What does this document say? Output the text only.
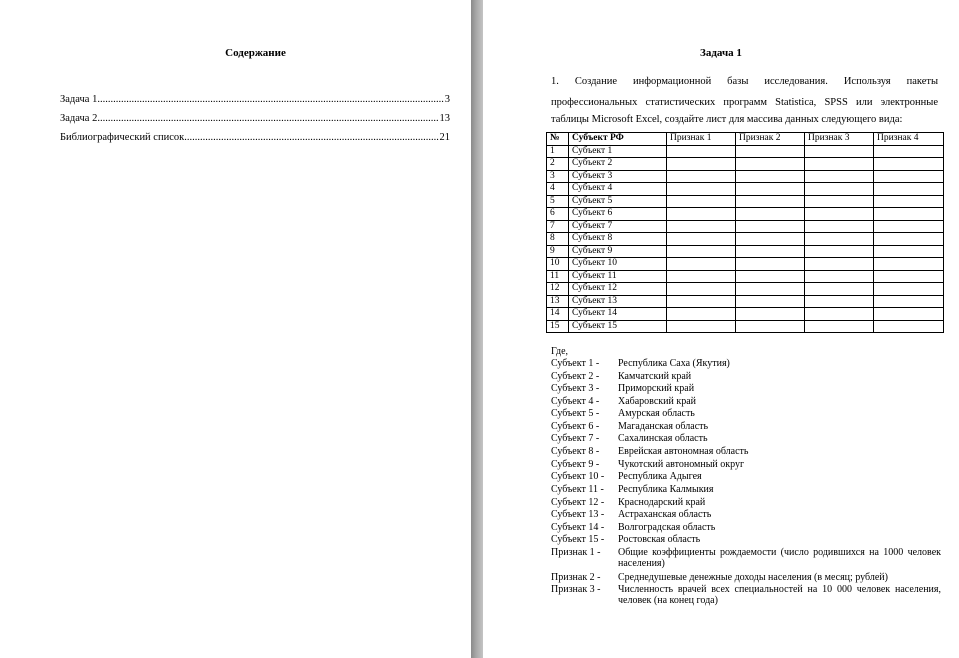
Содержание
Задача 1 .....	3
Задача 2 .....	13
Библиографический список .....	21
Задача 1
1. Создание информационной базы исследования. Используя пакеты
профессиональных статистических программ Statistica, SPSS или электронные
таблицы Microsoft Excel, создайте лист для массива данных следующего вида:
№	Субъект РФ	Признак 1	Признак 2	Признак 3	Признак 4
1	Субъект 1				
2	Субъект 2				
3	Субъект 3				
4	Субъект 4				
5	Субъект 5				
6	Субъект 6				
7	Субъект 7				
8	Субъект 8				
9	Субъект 9				
10	Субъект 10				
11	Субъект 11				
12	Субъект 12				
13	Субъект 13				
14	Субъект 14				
15	Субъект 15				
Где,
Субъект 1 - Республика Саха (Якутия)
Субъект 2 - Камчатский край
Субъект 3 - Приморский край
Субъект 4 - Хабаровский край
Субъект 5 - Амурская область
Субъект 6 - Магаданская область
Субъект 7 - Сахалинская область
Субъект 8 - Еврейская автономная область
Субъект 9 - Чукотский автономный округ
Субъект 10 - Республика Адыгея
Субъект 11 - Республика Калмыкия
Субъект 12 - Краснодарский край
Субъект 13 - Астраханская область
Субъект 14 - Волгоградская область
Субъект 15 - Ростовская область
Признак 1 - Общие коэффициенты рождаемости (число родившихся на 1000 человек населения)
Признак 2 - Среднедушевые денежные доходы населения (в месяц; рублей)
Признак 3 - Численность врачей всех специальностей на 10 000 человек населения, человек (на конец года)
